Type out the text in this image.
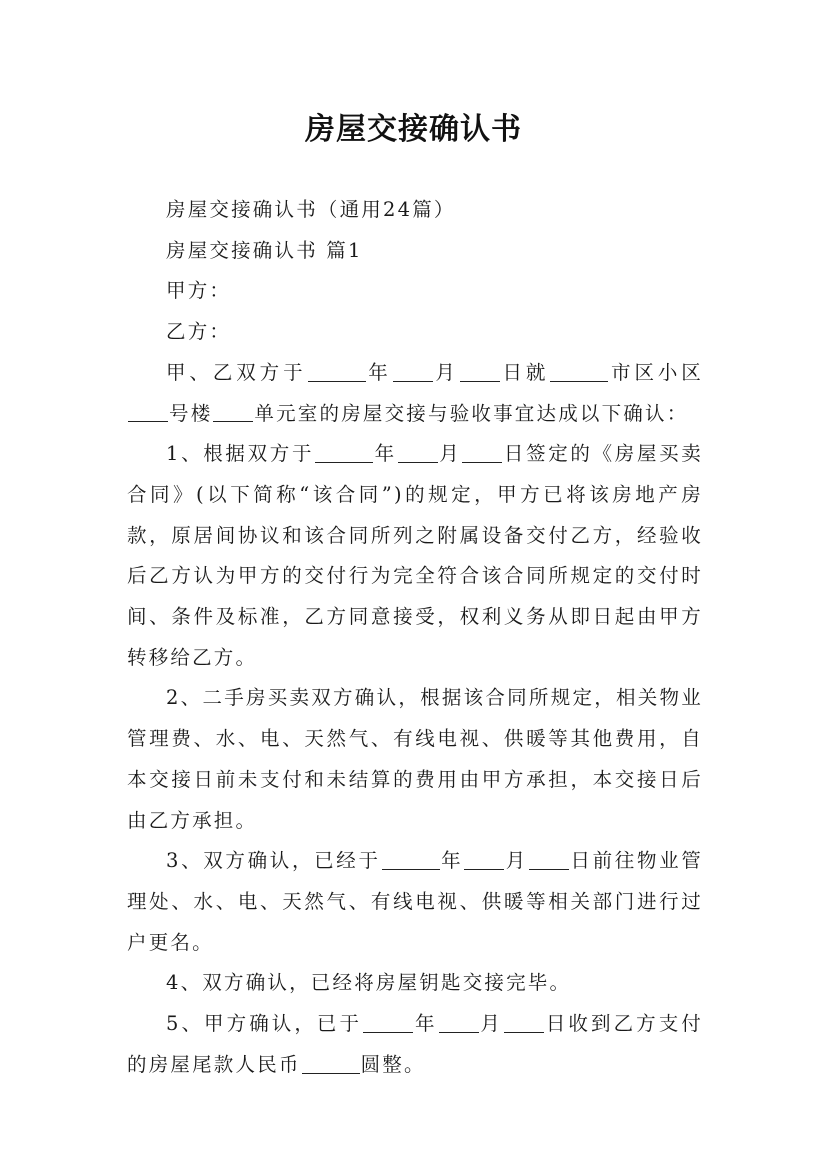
房屋交接确认书

房屋交接确认书（通用24篇）

房屋交接确认书 篇1

甲方：

乙方：

甲、乙双方于	年 月 日就	市区小区号楼 单元室的房屋交接与验收事宜达成以下确认：

1、根据双方于	年 月 日签定的《房屋买卖合同》(以下简称“该合同”)的规定，甲方已将该房地产房款，原居间协议和该合同所列之附属设备交付乙方，经验收后乙方认为甲方的交付行为完全符合该合同所规定的交付时间、条件及标准，乙方同意接受，权利义务从即日起由甲方转移给乙方。

2、二手房买卖双方确认，根据该合同所规定，相关物业管理费、水、电、天然气、有线电视、供暖等其他费用，自本交接日前未支付和未结算的费用由甲方承担，本交接日后由乙方承担。

3、双方确认，已经于	年 月 日前往物业管理处、水、电、天然气、有线电视、供暖等相关部门进行过户更名。

4、双方确认，已经将房屋钥匙交接完毕。

5、甲方确认，已于	年 月 日收到乙方支付的房屋尾款人民币	圆整。
